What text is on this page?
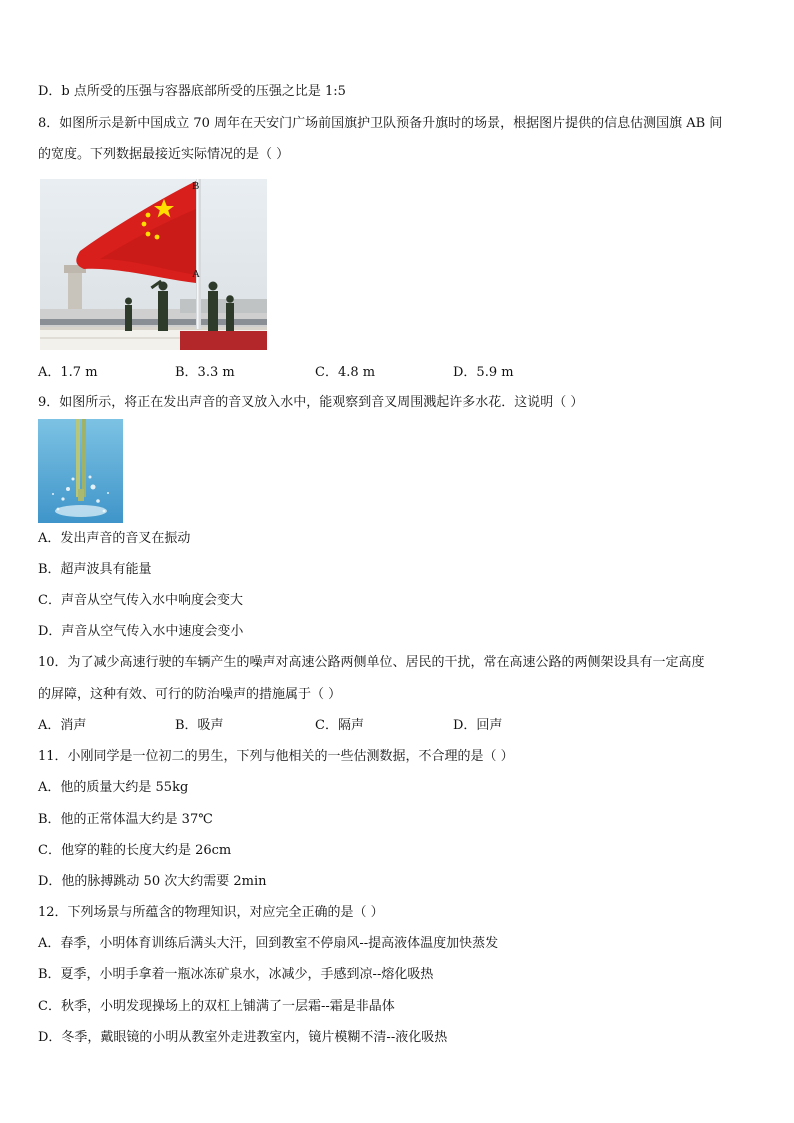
D．b 点所受的压强与容器底部所受的压强之比是 1:5
8．如图所示是新中国成立 70 周年在天安门广场前国旗护卫队预备升旗时的场景，根据图片提供的信息估测国旗 AB 间
的宽度。下列数据最接近实际情况的是（ ）
B
A
A．1.7 m	B．3.3 m	C．4.8 m	D．5.9 m
9．如图所示，将正在发出声音的音叉放入水中，能观察到音叉周围溅起许多水花．这说明（ ）
A．发出声音的音叉在振动
B．超声波具有能量
C．声音从空气传入水中响度会变大
D．声音从空气传入水中速度会变小
10．为了减少高速行驶的车辆产生的噪声对高速公路两侧单位、居民的干扰，常在高速公路的两侧架设具有一定高度
的屏障，这种有效、可行的防治噪声的措施属于（ ）
A．消声	B．吸声	C．隔声	D．回声
11．小刚同学是一位初二的男生，下列与他相关的一些估测数据，不合理的是（ ）
A．他的质量大约是 55kg
B．他的正常体温大约是 37℃
C．他穿的鞋的长度大约是 26cm
D．他的脉搏跳动 50 次大约需要 2min
12．下列场景与所蕴含的物理知识，对应完全正确的是（ ）
A．春季，小明体育训练后满头大汗，回到教室不停扇风--提高液体温度加快蒸发
B．夏季，小明手拿着一瓶冰冻矿泉水，冰减少，手感到凉--熔化吸热
C．秋季，小明发现操场上的双杠上铺满了一层霜--霜是非晶体
D．冬季，戴眼镜的小明从教室外走进教室内，镜片模糊不清--液化吸热
